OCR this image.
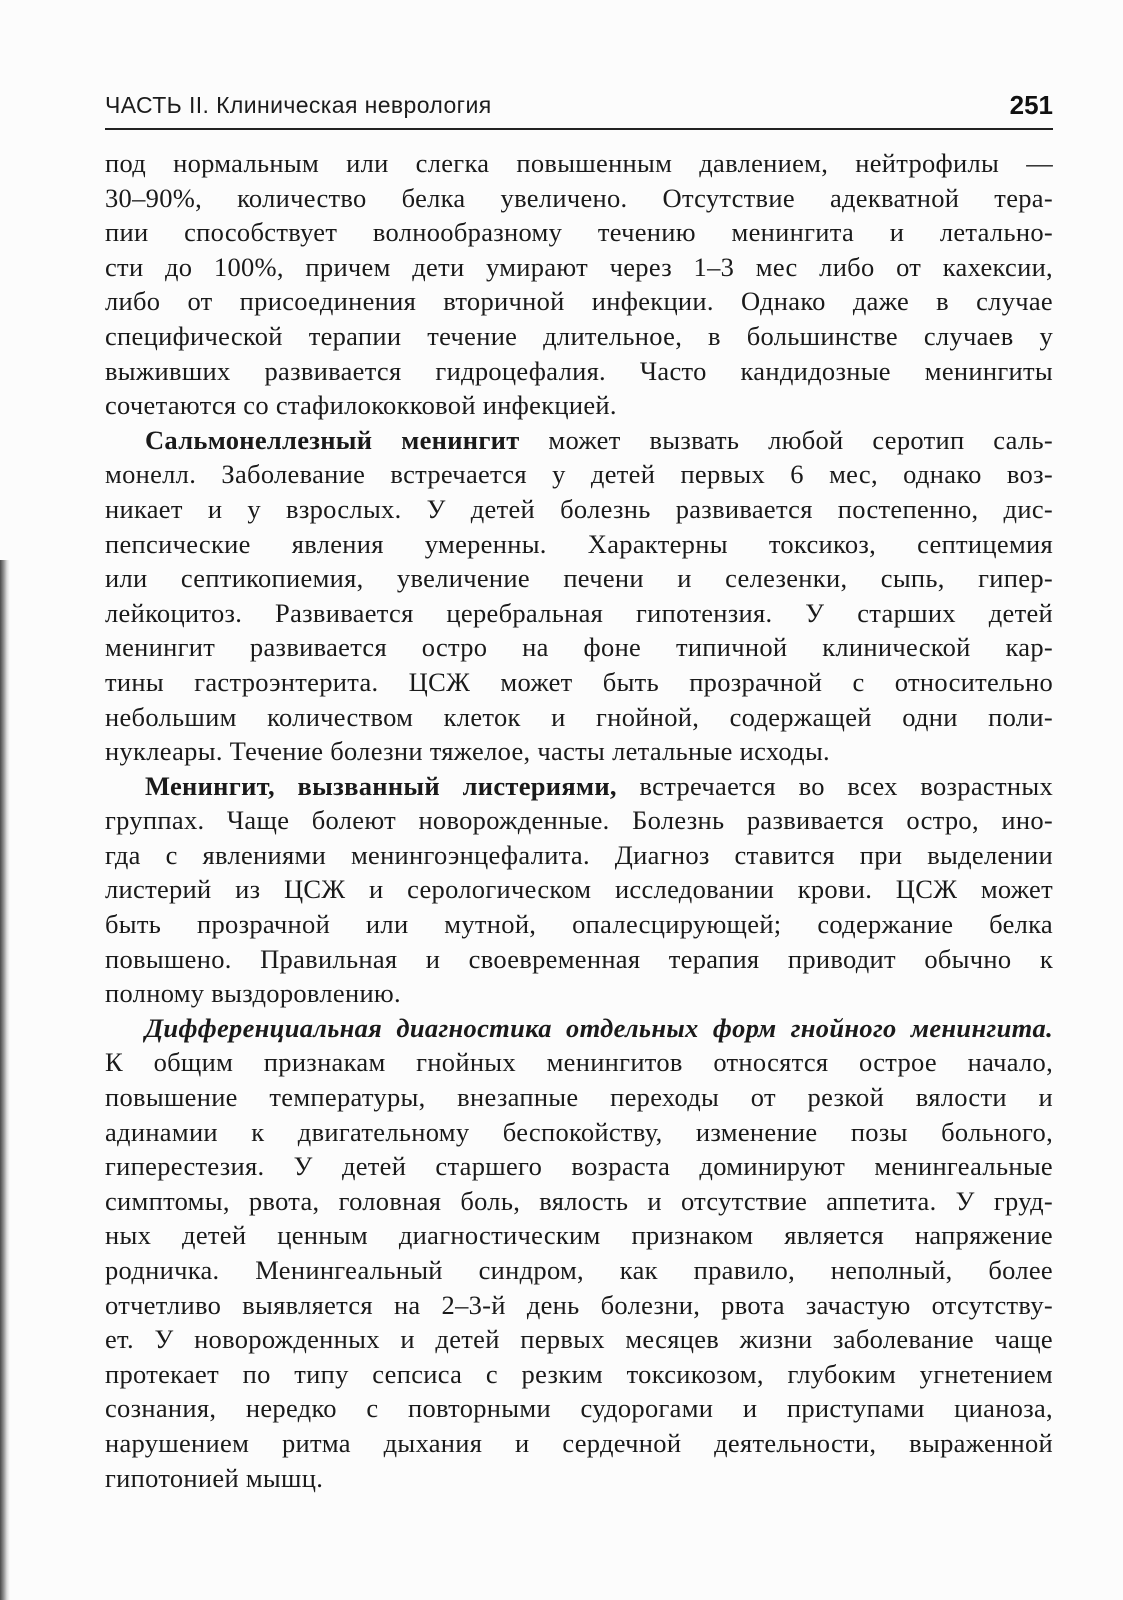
ЧАСТЬ II. Клиническая неврология	251
под нормальным или слегка повышенным давлением, нейтрофилы —
30–90%, количество белка увеличено. Отсутствие адекватной тера-
пии способствует волнообразному течению менингита и летально-
сти до 100%, причем дети умирают через 1–3 мес либо от кахексии,
либо от присоединения вторичной инфекции. Однако даже в случае
специфической терапии течение длительное, в большинстве случаев у
выживших развивается гидроцефалия. Часто кандидозные менингиты
сочетаются со стафилококковой инфекцией.
Сальмонеллезный менингит может вызвать любой серотип саль-
монелл. Заболевание встречается у детей первых 6 мес, однако воз-
никает и у взрослых. У детей болезнь развивается постепенно, дис-
пепсические явления умеренны. Характерны токсикоз, септицемия
или септикопиемия, увеличение печени и селезенки, сыпь, гипер-
лейкоцитоз. Развивается церебральная гипотензия. У старших детей
менингит развивается остро на фоне типичной клинической кар-
тины гастроэнтерита. ЦСЖ может быть прозрачной с относительно
небольшим количеством клеток и гнойной, содержащей одни поли-
нуклеары. Течение болезни тяжелое, часты летальные исходы.
Менингит, вызванный листериями, встречается во всех возрастных
группах. Чаще болеют новорожденные. Болезнь развивается остро, ино-
гда с явлениями менингоэнцефалита. Диагноз ставится при выделении
листерий из ЦСЖ и серологическом исследовании крови. ЦСЖ может
быть прозрачной или мутной, опалесцирующей; содержание белка
повышено. Правильная и своевременная терапия приводит обычно к
полному выздоровлению.
Дифференциальная диагностика отдельных форм гнойного менингита.
К общим признакам гнойных менингитов относятся острое начало,
повышение температуры, внезапные переходы от резкой вялости и
адинамии к двигательному беспокойству, изменение позы больного,
гиперестезия. У детей старшего возраста доминируют менингеальные
симптомы, рвота, головная боль, вялость и отсутствие аппетита. У груд-
ных детей ценным диагностическим признаком является напряжение
родничка. Менингеальный синдром, как правило, неполный, более
отчетливо выявляется на 2–3-й день болезни, рвота зачастую отсутству-
ет. У новорожденных и детей первых месяцев жизни заболевание чаще
протекает по типу сепсиса с резким токсикозом, глубоким угнетением
сознания, нередко с повторными судорогами и приступами цианоза,
нарушением ритма дыхания и сердечной деятельности, выраженной
гипотонией мышц.
